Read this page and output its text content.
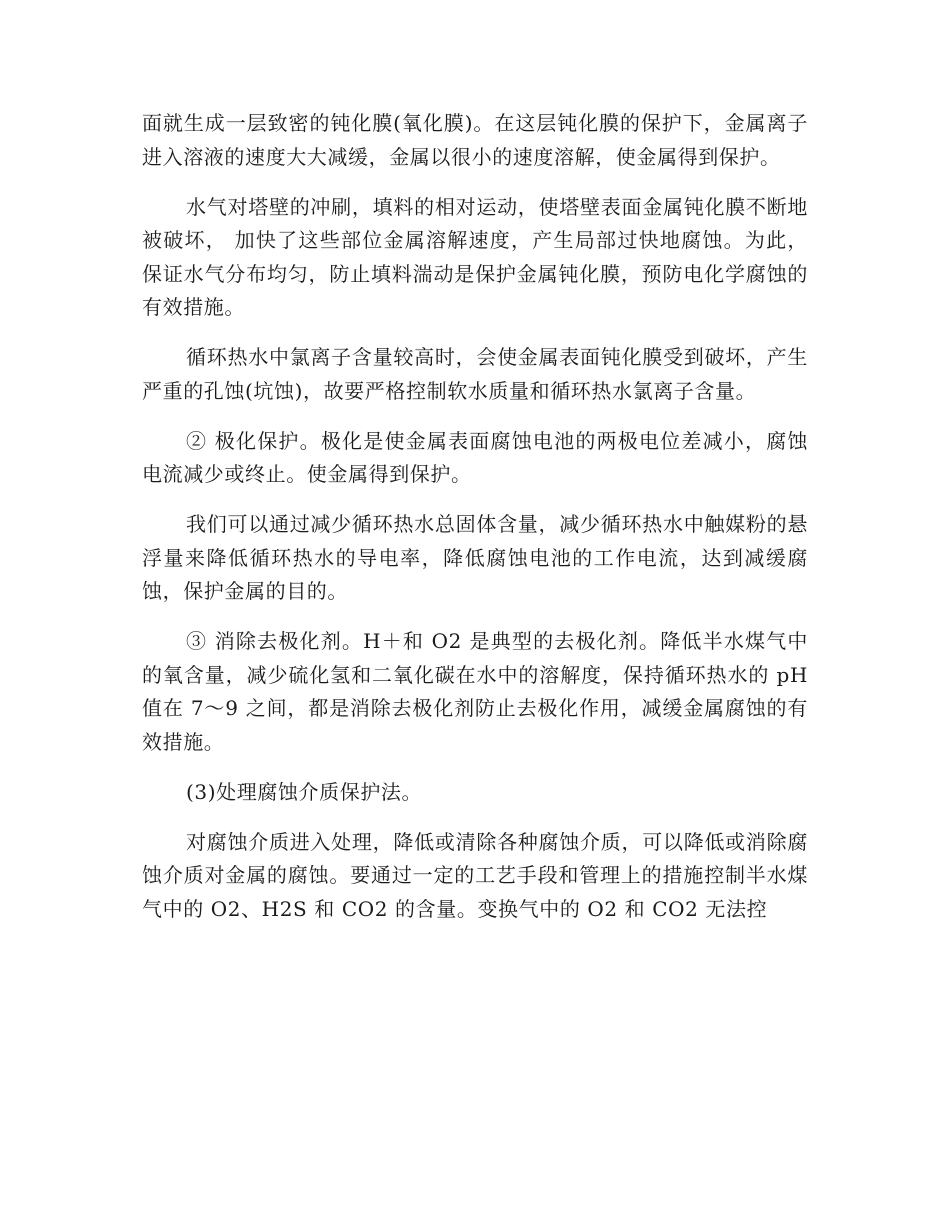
面就生成一层致密的钝化膜(氧化膜)。在这层钝化膜的保护下，金属离子进入溶液的速度大大减缓，金属以很小的速度溶解，使金属得到保护。

水气对塔壁的冲刷，填料的相对运动，使塔壁表面金属钝化膜不断地被破坏， 加快了这些部位金属溶解速度，产生局部过快地腐蚀。为此，保证水气分布均匀，防止填料湍动是保护金属钝化膜，预防电化学腐蚀的有效措施。

循环热水中氯离子含量较高时，会使金属表面钝化膜受到破坏，产生严重的孔蚀(坑蚀)，故要严格控制软水质量和循环热水氯离子含量。

② 极化保护。极化是使金属表面腐蚀电池的两极电位差减小，腐蚀电流减少或终止。使金属得到保护。

我们可以通过减少循环热水总固体含量，减少循环热水中触媒粉的悬浮量来降低循环热水的导电率，降低腐蚀电池的工作电流，达到减缓腐蚀，保护金属的目的。

③ 消除去极化剂。H＋和 O2 是典型的去极化剂。降低半水煤气中的氧含量，减少硫化氢和二氧化碳在水中的溶解度，保持循环热水的 pH 值在 7～9 之间，都是消除去极化剂防止去极化作用，减缓金属腐蚀的有效措施。

(3)处理腐蚀介质保护法。

对腐蚀介质进入处理，降低或清除各种腐蚀介质，可以降低或消除腐蚀介质对金属的腐蚀。要通过一定的工艺手段和管理上的措施控制半水煤气中的 O2、H2S 和 CO2 的含量。变换气中的 O2 和 CO2 无法控
